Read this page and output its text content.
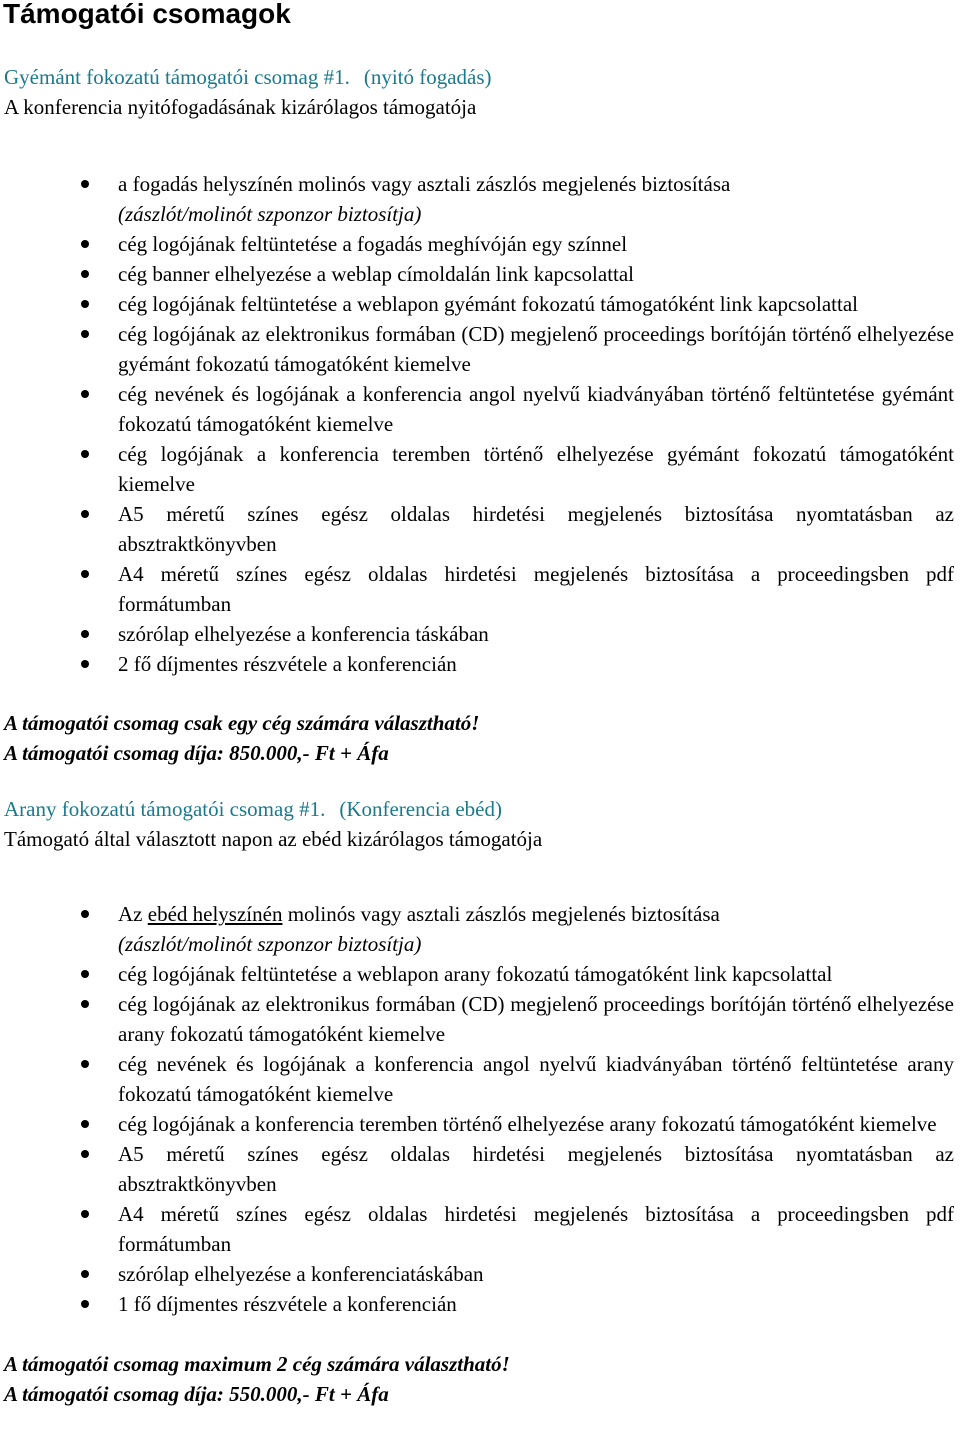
Támogatói csomagok

Gyémánt fokozatú támogatói csomag #1. (nyitó fogadás)

A konferencia nyitófogadásának kizárólagos támogatója

a fogadás helyszínén molinós vagy asztali zászlós megjelenés biztosítása
(zászlót/molinót szponzor biztosítja)
cég logójának feltüntetése a fogadás meghívóján egy színnel
cég banner elhelyezése a weblap címoldalán link kapcsolattal
cég logójának feltüntetése a weblapon gyémánt fokozatú támogatóként link kapcsolattal
cég logójának az elektronikus formában (CD) megjelenő proceedings borítóján történő elhelyezése gyémánt fokozatú támogatóként kiemelve
cég nevének és logójának a konferencia angol nyelvű kiadványában történő feltüntetése gyémánt fokozatú támogatóként kiemelve
cég logójának a konferencia teremben történő elhelyezése gyémánt fokozatú támogatóként kiemelve
A5 méretű színes egész oldalas hirdetési megjelenés biztosítása nyomtatásban az absztraktkönyvben
A4 méretű színes egész oldalas hirdetési megjelenés biztosítása a proceedingsben pdf formátumban
szórólap elhelyezése a konferencia táskában
2 fő díjmentes részvétele a konferencián

A támogatói csomag csak egy cég számára választható!

A támogatói csomag díja: 850.000,- Ft + Áfa

Arany fokozatú támogatói csomag #1. (Konferencia ebéd)

Támogató által választott napon az ebéd kizárólagos támogatója

Az ebéd helyszínén molinós vagy asztali zászlós megjelenés biztosítása
(zászlót/molinót szponzor biztosítja)
cég logójának feltüntetése a weblapon arany fokozatú támogatóként link kapcsolattal
cég logójának az elektronikus formában (CD) megjelenő proceedings borítóján történő elhelyezése arany fokozatú támogatóként kiemelve
cég nevének és logójának a konferencia angol nyelvű kiadványában történő feltüntetése arany fokozatú támogatóként kiemelve
cég logójának a konferencia teremben történő elhelyezése arany fokozatú támogatóként kiemelve
A5 méretű színes egész oldalas hirdetési megjelenés biztosítása nyomtatásban az absztraktkönyvben
A4 méretű színes egész oldalas hirdetési megjelenés biztosítása a proceedingsben pdf formátumban
szórólap elhelyezése a konferenciatáskában
1 fő díjmentes részvétele a konferencián

A támogatói csomag maximum 2 cég számára választható!

A támogatói csomag díja: 550.000,- Ft + Áfa
